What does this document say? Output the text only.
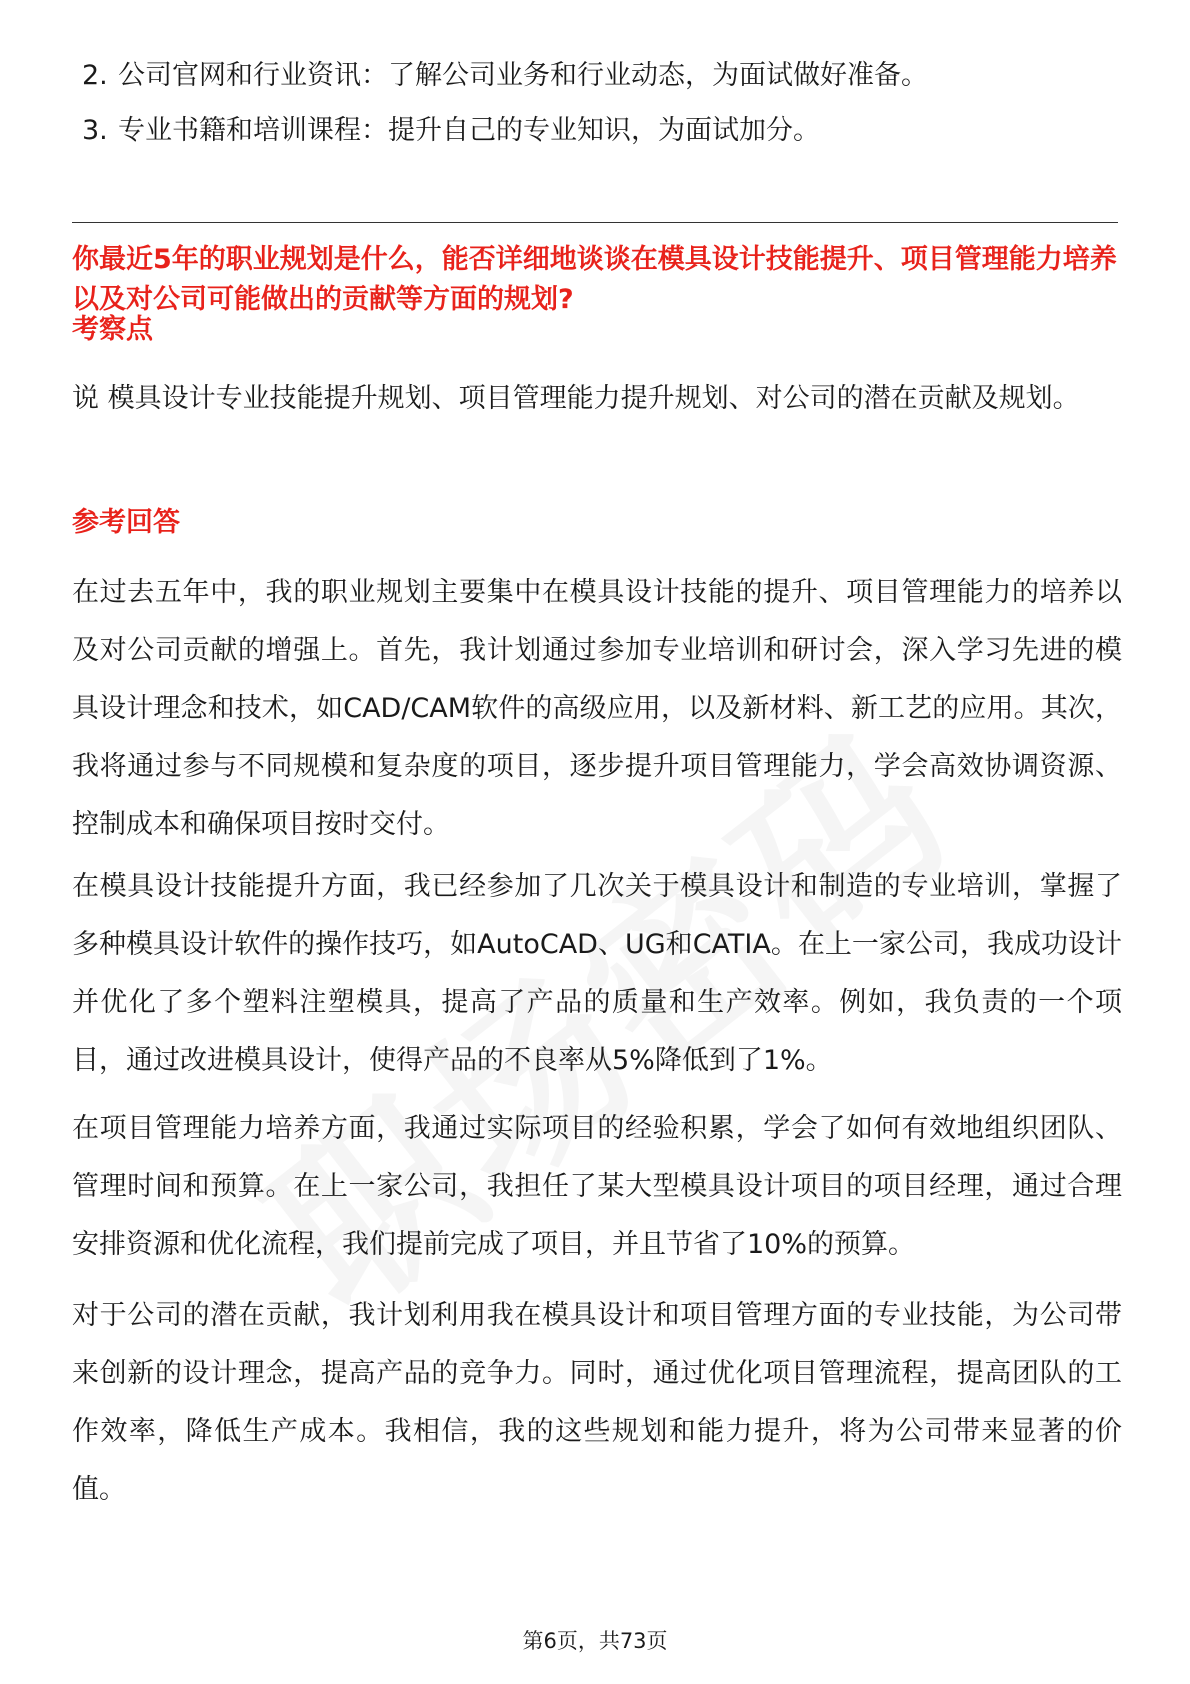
2. 公司官网和行业资讯：了解公司业务和行业动态，为面试做好准备。
3. 专业书籍和培训课程：提升自己的专业知识，为面试加分。
你最近5年的职业规划是什么，能否详细地谈谈在模具设计技能提升、项目管理能力培养以及对公司可能做出的贡献等方面的规划?
考察点
说 模具设计专业技能提升规划、项目管理能力提升规划、对公司的潜在贡献及规划。
参考回答
在过去五年中，我的职业规划主要集中在模具设计技能的提升、项目管理能力的培养以及对公司贡献的增强上。首先，我计划通过参加专业培训和研讨会，深入学习先进的模具设计理念和技术，如CAD/CAM软件的高级应用，以及新材料、新工艺的应用。其次，我将通过参与不同规模和复杂度的项目，逐步提升项目管理能力，学会高效协调资源、控制成本和确保项目按时交付。
在模具设计技能提升方面，我已经参加了几次关于模具设计和制造的专业培训，掌握了多种模具设计软件的操作技巧，如AutoCAD、UG和CATIA。在上一家公司，我成功设计并优化了多个塑料注塑模具，提高了产品的质量和生产效率。例如，我负责的一个项目，通过改进模具设计，使得产品的不良率从5%降低到了1%。
在项目管理能力培养方面，我通过实际项目的经验积累，学会了如何有效地组织团队、管理时间和预算。在上一家公司，我担任了某大型模具设计项目的项目经理，通过合理安排资源和优化流程，我们提前完成了项目，并且节省了10%的预算。
对于公司的潜在贡献，我计划利用我在模具设计和项目管理方面的专业技能，为公司带来创新的设计理念，提高产品的竞争力。同时，通过优化项目管理流程，提高团队的工作效率，降低生产成本。我相信，我的这些规划和能力提升，将为公司带来显著的价值。
第6页，共73页
